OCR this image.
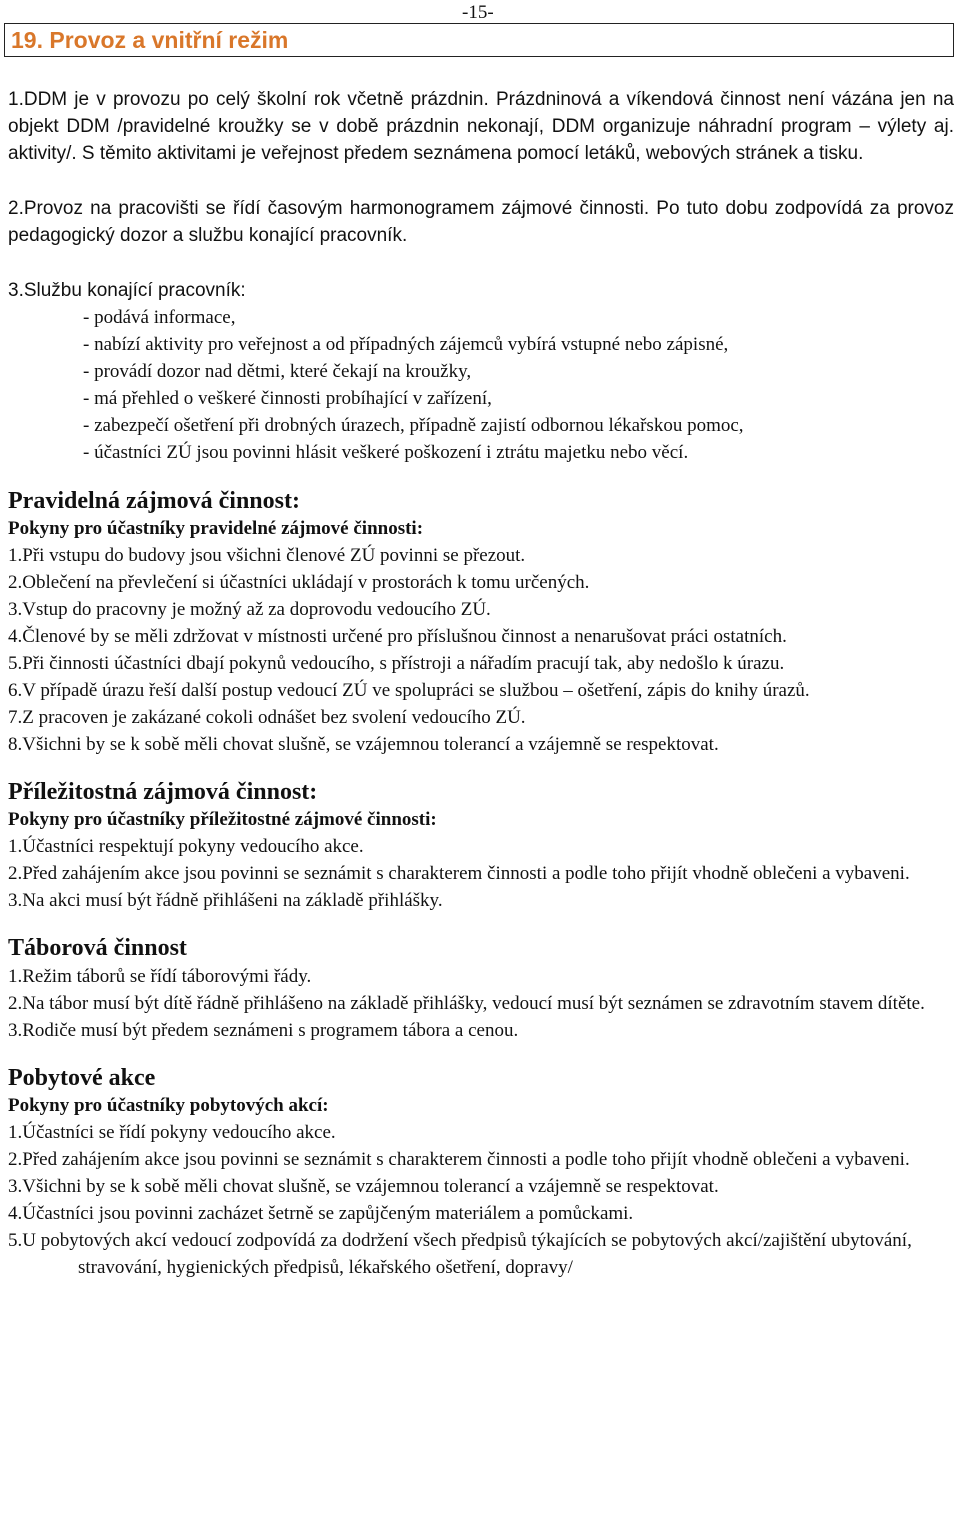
-15-
19. Provoz a vnitřní režim

1.DDM je v provozu po celý školní rok včetně prázdnin. Prázdninová a víkendová činnost není vázána jen na objekt DDM /pravidelné kroužky se v době prázdnin nekonají, DDM organizuje náhradní program – výlety aj. aktivity/. S těmito aktivitami je veřejnost předem seznámena pomocí letáků, webových stránek a tisku.

2.Provoz na pracovišti se řídí časovým harmonogramem zájmové činnosti. Po tuto dobu zodpovídá za provoz pedagogický dozor a službu konající pracovník.

3.Službu konající pracovník:

- podává informace,
- nabízí aktivity pro veřejnost a od případných zájemců vybírá vstupné nebo zápisné,
- provádí dozor nad dětmi, které čekají na kroužky,
- má přehled o veškeré činnosti probíhající v zařízení,
- zabezpečí ošetření při drobných úrazech, případně zajistí odbornou lékařskou pomoc,
- účastníci ZÚ jsou povinni hlásit veškeré poškození i ztrátu majetku nebo věcí.
Pravidelná zájmová činnost:
Pokyny pro účastníky pravidelné zájmové činnosti:
1.Při vstupu do budovy jsou všichni členové ZÚ povinni se přezout.
2.Oblečení na převlečení si účastníci ukládají v prostorách k tomu určených.
3.Vstup do pracovny je možný až za doprovodu vedoucího ZÚ.
4.Členové by se měli zdržovat v místnosti určené pro příslušnou činnost a nenarušovat práci ostatních.
5.Při činnosti účastníci dbají pokynů vedoucího, s přístroji a nářadím pracují tak, aby nedošlo k úrazu.
6.V případě úrazu řeší další postup vedoucí ZÚ ve spolupráci se službou – ošetření, zápis do knihy úrazů.
7.Z pracoven je zakázané cokoli odnášet bez svolení vedoucího ZÚ.
8.Všichni by se k sobě měli chovat slušně, se vzájemnou tolerancí a vzájemně se respektovat.
Příležitostná zájmová činnost:
Pokyny pro účastníky příležitostné zájmové činnosti:
1.Účastníci respektují pokyny vedoucího akce.
2.Před zahájením akce jsou povinni se seznámit s charakterem činnosti a podle toho přijít vhodně oblečeni a vybaveni.
3.Na akci musí být řádně přihlášeni na základě přihlášky.
Táborová činnost
1.Režim táborů se řídí táborovými řády.
2.Na tábor musí být dítě řádně přihlášeno na základě přihlášky, vedoucí musí být seznámen se zdravotním stavem dítěte.
3.Rodiče musí být předem seznámeni s programem tábora a cenou.
Pobytové akce
Pokyny pro účastníky pobytových akcí:
1.Účastníci se řídí pokyny vedoucího akce.
2.Před zahájením akce jsou povinni se seznámit s charakterem činnosti a podle toho přijít vhodně oblečeni a vybaveni.
3.Všichni by se k sobě měli chovat slušně, se vzájemnou tolerancí a vzájemně se respektovat.
4.Účastníci jsou povinni zacházet šetrně se zapůjčeným materiálem a pomůckami.
5.U pobytových akcí vedoucí zodpovídá za dodržení všech předpisů týkajících se pobytových akcí/zajištění ubytování, stravování, hygienických předpisů, lékařského ošetření, dopravy/
